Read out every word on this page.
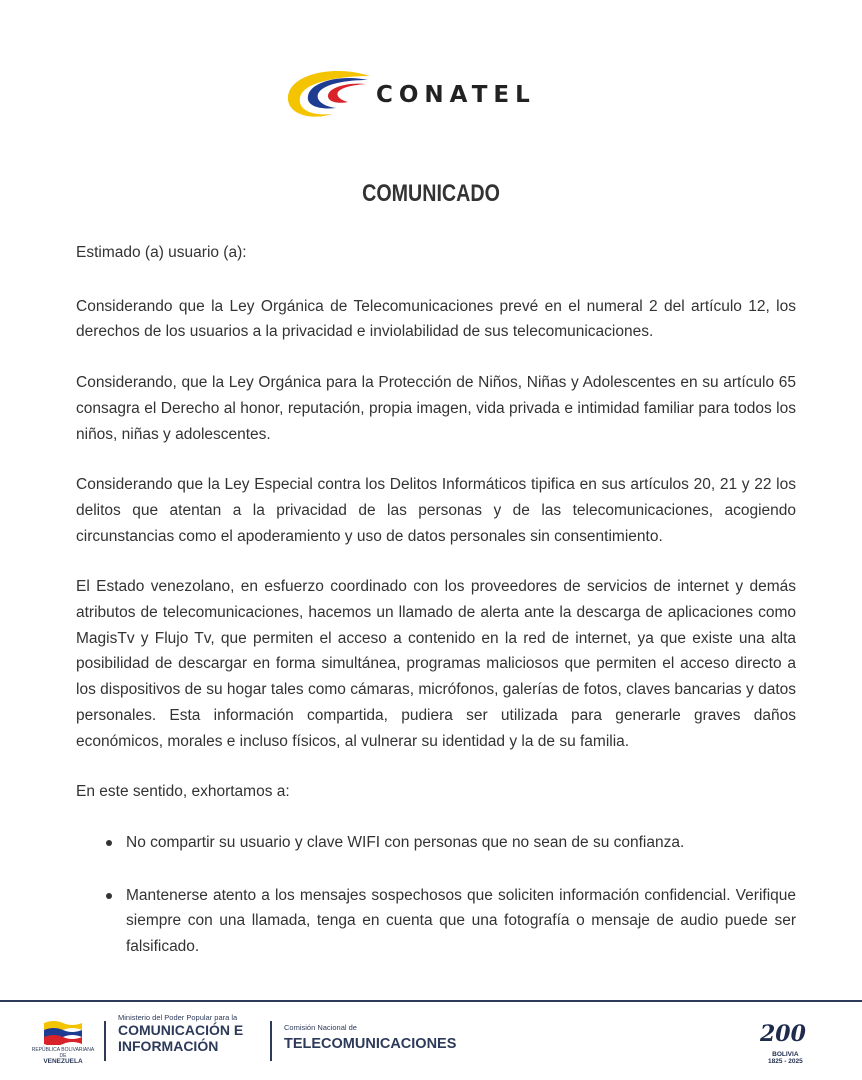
CONATEL
COMUNICADO

Estimado (a) usuario (a):

Considerando que la Ley Orgánica de Telecomunicaciones prevé en el numeral 2 del artículo 12, los derechos de los usuarios a la privacidad e inviolabilidad de sus telecomunicaciones.

Considerando, que la Ley Orgánica para la Protección de Niños, Niñas y Adolescentes en su artículo 65 consagra el Derecho al honor, reputación, propia imagen, vida privada e intimidad familiar para todos los niños, niñas y adolescentes.

Considerando que la Ley Especial contra los Delitos Informáticos tipifica en sus artículos 20, 21 y 22 los delitos que atentan a la privacidad de las personas y de las telecomunicaciones, acogiendo circunstancias como el apoderamiento y uso de datos personales sin consentimiento.

El Estado venezolano, en esfuerzo coordinado con los proveedores de servicios de internet y demás atributos de telecomunicaciones, hacemos un llamado de alerta ante la descarga de aplicaciones como MagisTv y Flujo Tv, que permiten el acceso a contenido en la red de internet, ya que existe una alta posibilidad de descargar en forma simultánea, programas maliciosos que permiten el acceso directo a los dispositivos de su hogar tales como cámaras, micrófonos, galerías de fotos, claves bancarias y datos personales. Esta información compartida, pudiera ser utilizada para generarle graves daños económicos, morales e incluso físicos, al vulnerar su identidad y la de su familia.

En este sentido, exhortamos a:

No compartir su usuario y clave WIFI con personas que no sean de su confianza.
Mantenerse atento a los mensajes sospechosos que soliciten información confidencial. Verifique siempre con una llamada, tenga en cuenta que una fotografía o mensaje de audio puede ser falsificado.
REPÚBLICA BOLIVARIANA DE
VENEZUELA
Ministerio del Poder Popular para la
COMUNICACIÓN E
INFORMACIÓN
Comisión Nacional de
TELECOMUNICACIONES	200
BOLIVIA
1825 - 2025
